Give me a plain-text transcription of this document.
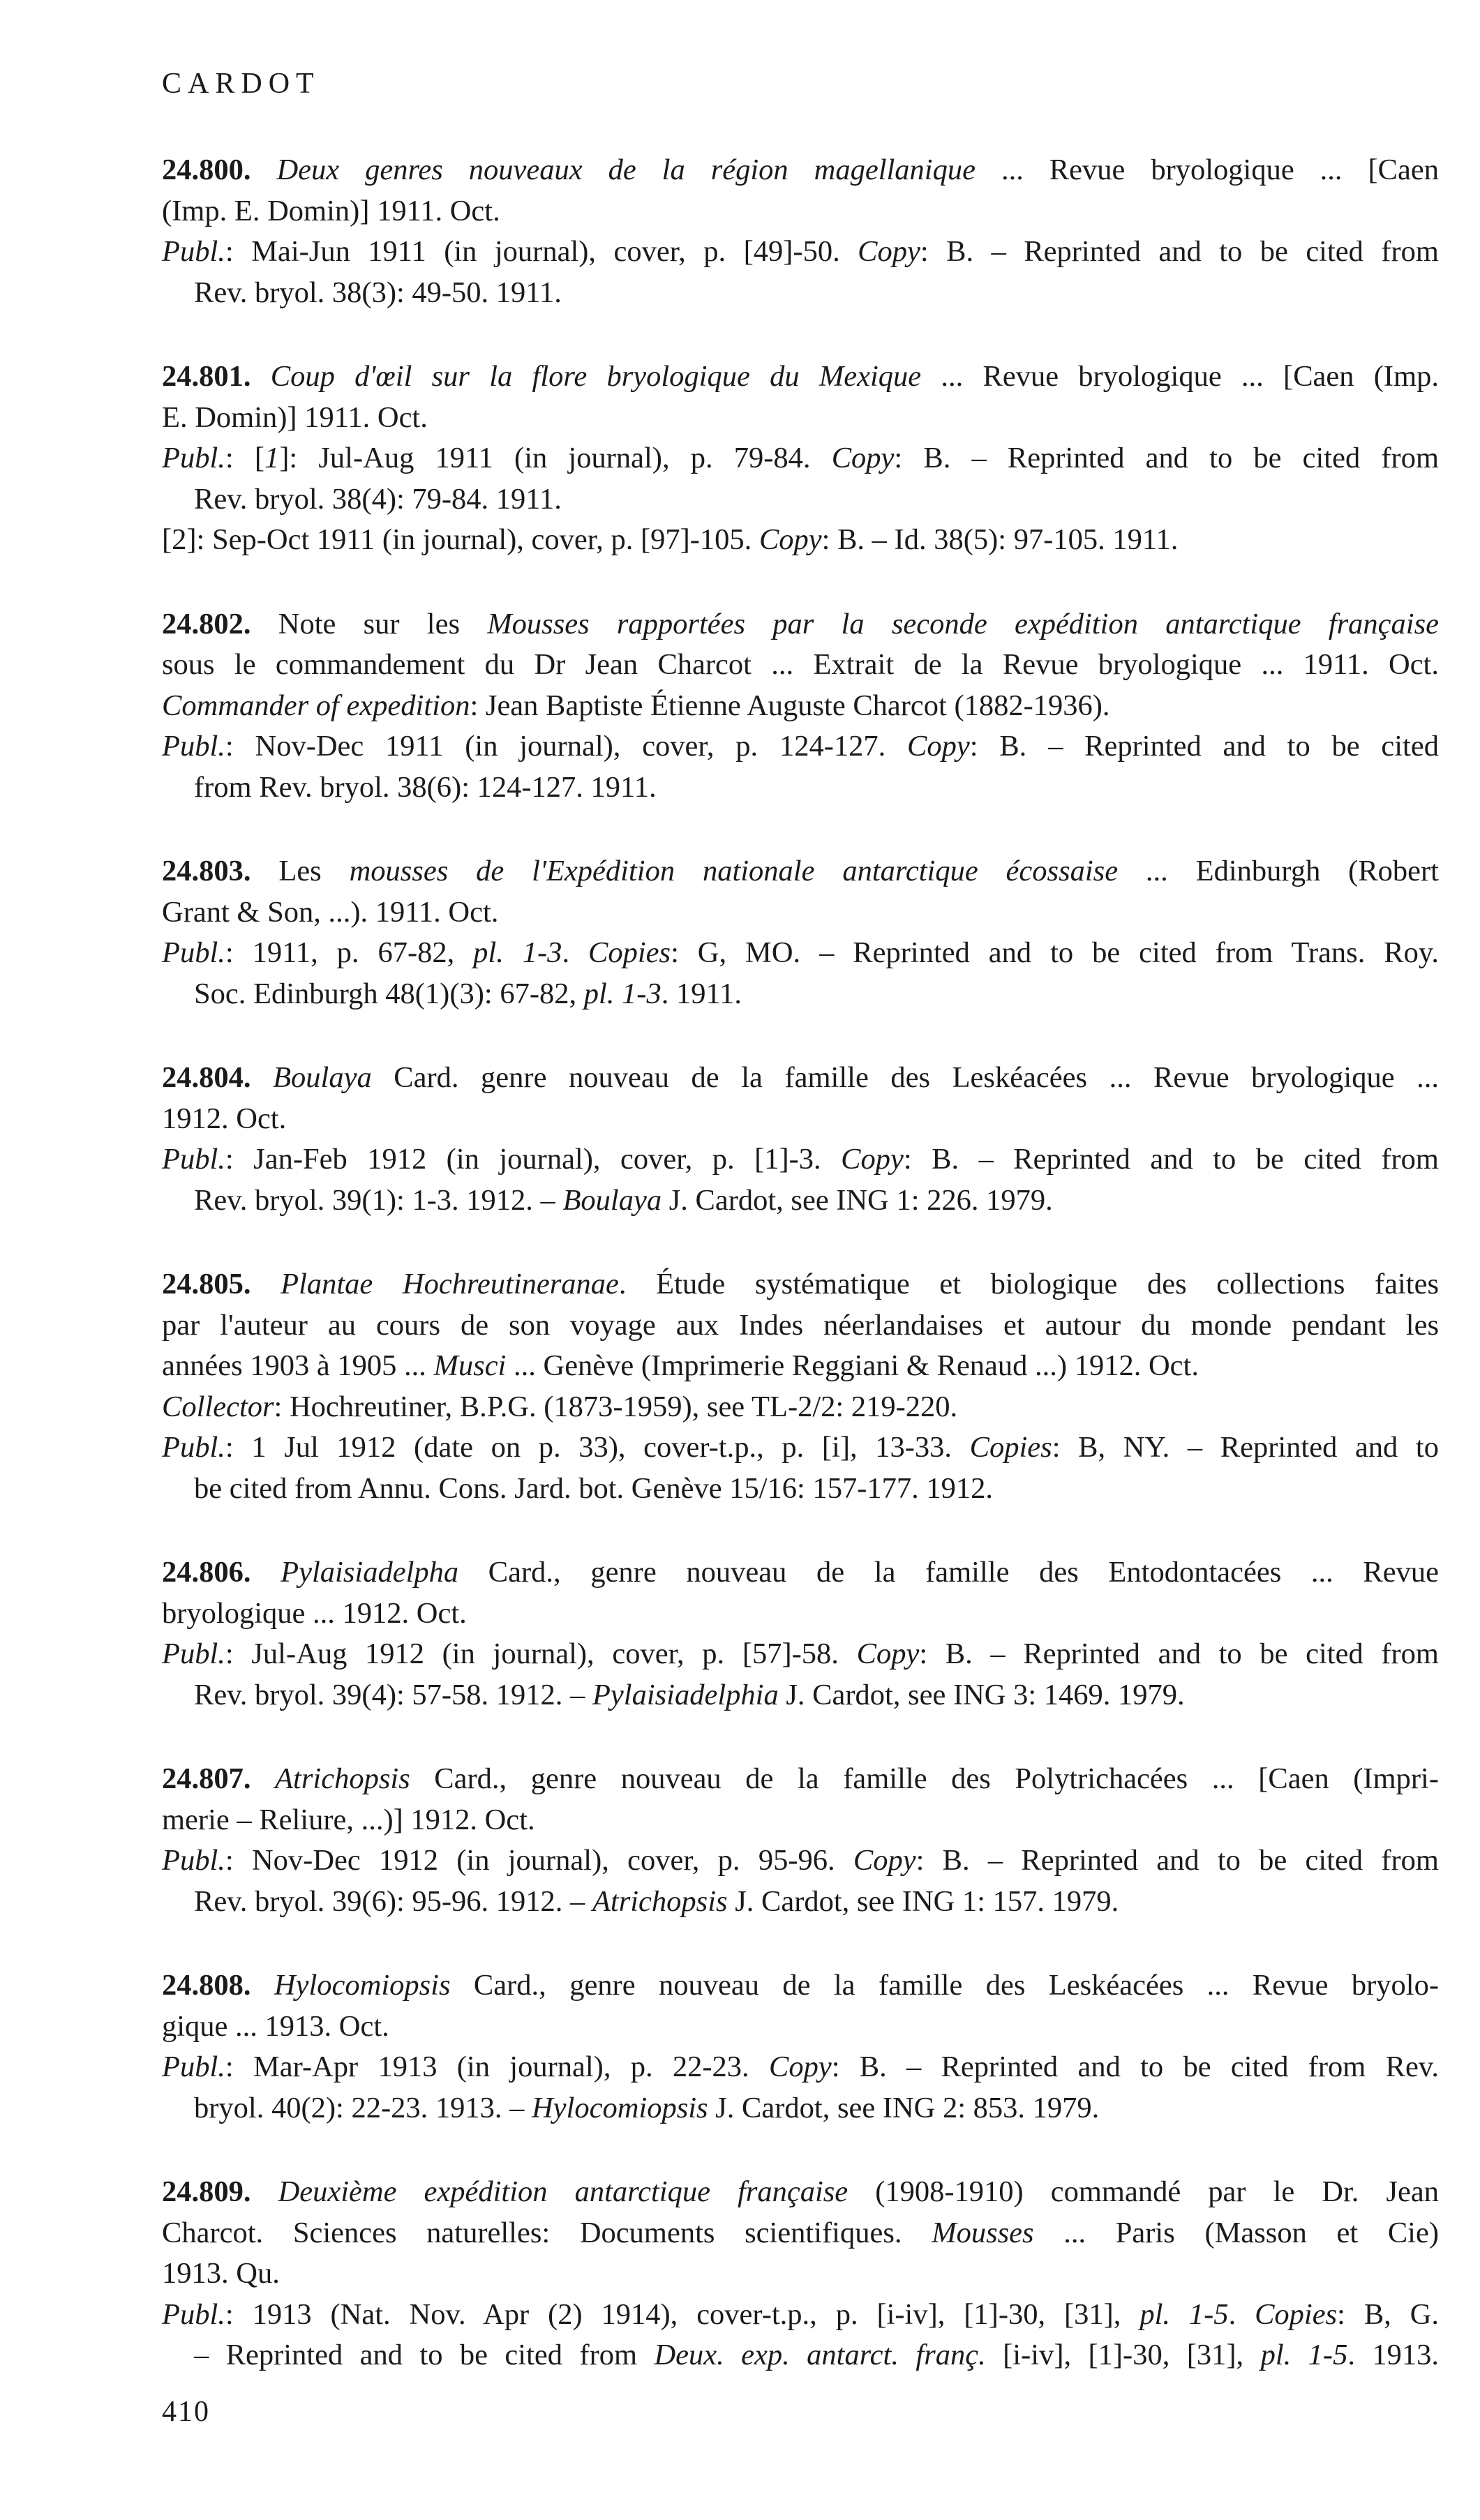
CARDOT
24.800. Deux genres nouveaux de la région magellanique ... Revue bryologique ... [Caen
(Imp. E. Domin)] 1911. Oct.
Publ.: Mai-Jun 1911 (in journal), cover, p. [49]-50. Copy: B. – Reprinted and to be cited from
Rev. bryol. 38(3): 49-50. 1911.
24.801. Coup d'œil sur la flore bryologique du Mexique ... Revue bryologique ... [Caen (Imp.
E. Domin)] 1911. Oct.
Publ.: [1]: Jul-Aug 1911 (in journal), p. 79-84. Copy: B. – Reprinted and to be cited from
Rev. bryol. 38(4): 79-84. 1911.
[2]: Sep-Oct 1911 (in journal), cover, p. [97]-105. Copy: B. – Id. 38(5): 97-105. 1911.
24.802. Note sur les Mousses rapportées par la seconde expédition antarctique française
sous le commandement du Dr Jean Charcot ... Extrait de la Revue bryologique ... 1911. Oct.
Commander of expedition: Jean Baptiste Étienne Auguste Charcot (1882-1936).
Publ.: Nov-Dec 1911 (in journal), cover, p. 124-127. Copy: B. – Reprinted and to be cited
from Rev. bryol. 38(6): 124-127. 1911.
24.803. Les mousses de l'Expédition nationale antarctique écossaise ... Edinburgh (Robert
Grant & Son, ...). 1911. Oct.
Publ.: 1911, p. 67-82, pl. 1-3. Copies: G, MO. – Reprinted and to be cited from Trans. Roy.
Soc. Edinburgh 48(1)(3): 67-82, pl. 1-3. 1911.
24.804. Boulaya Card. genre nouveau de la famille des Leskéacées ... Revue bryologique ...
1912. Oct.
Publ.: Jan-Feb 1912 (in journal), cover, p. [1]-3. Copy: B. – Reprinted and to be cited from
Rev. bryol. 39(1): 1-3. 1912. – Boulaya J. Cardot, see ING 1: 226. 1979.
24.805. Plantae Hochreutineranae. Étude systématique et biologique des collections faites
par l'auteur au cours de son voyage aux Indes néerlandaises et autour du monde pendant les
années 1903 à 1905 ... Musci ... Genève (Imprimerie Reggiani & Renaud ...) 1912. Oct.
Collector: Hochreutiner, B.P.G. (1873-1959), see TL-2/2: 219-220.
Publ.: 1 Jul 1912 (date on p. 33), cover-t.p., p. [i], 13-33. Copies: B, NY. – Reprinted and to
be cited from Annu. Cons. Jard. bot. Genève 15/16: 157-177. 1912.
24.806. Pylaisiadelpha Card., genre nouveau de la famille des Entodontacées ... Revue
bryologique ... 1912. Oct.
Publ.: Jul-Aug 1912 (in journal), cover, p. [57]-58. Copy: B. – Reprinted and to be cited from
Rev. bryol. 39(4): 57-58. 1912. – Pylaisiadelphia J. Cardot, see ING 3: 1469. 1979.
24.807. Atrichopsis Card., genre nouveau de la famille des Polytrichacées ... [Caen (Impri-
merie – Reliure, ...)] 1912. Oct.
Publ.: Nov-Dec 1912 (in journal), cover, p. 95-96. Copy: B. – Reprinted and to be cited from
Rev. bryol. 39(6): 95-96. 1912. – Atrichopsis J. Cardot, see ING 1: 157. 1979.
24.808. Hylocomiopsis Card., genre nouveau de la famille des Leskéacées ... Revue bryolo-
gique ... 1913. Oct.
Publ.: Mar-Apr 1913 (in journal), p. 22-23. Copy: B. – Reprinted and to be cited from Rev.
bryol. 40(2): 22-23. 1913. – Hylocomiopsis J. Cardot, see ING 2: 853. 1979.
24.809. Deuxième expédition antarctique française (1908-1910) commandé par le Dr. Jean
Charcot. Sciences naturelles: Documents scientifiques. Mousses ... Paris (Masson et Cie)
1913. Qu.
Publ.: 1913 (Nat. Nov. Apr (2) 1914), cover-t.p., p. [i-iv], [1]-30, [31], pl. 1-5. Copies: B, G.
– Reprinted and to be cited from Deux. exp. antarct. franç. [i-iv], [1]-30, [31], pl. 1-5. 1913.
410
